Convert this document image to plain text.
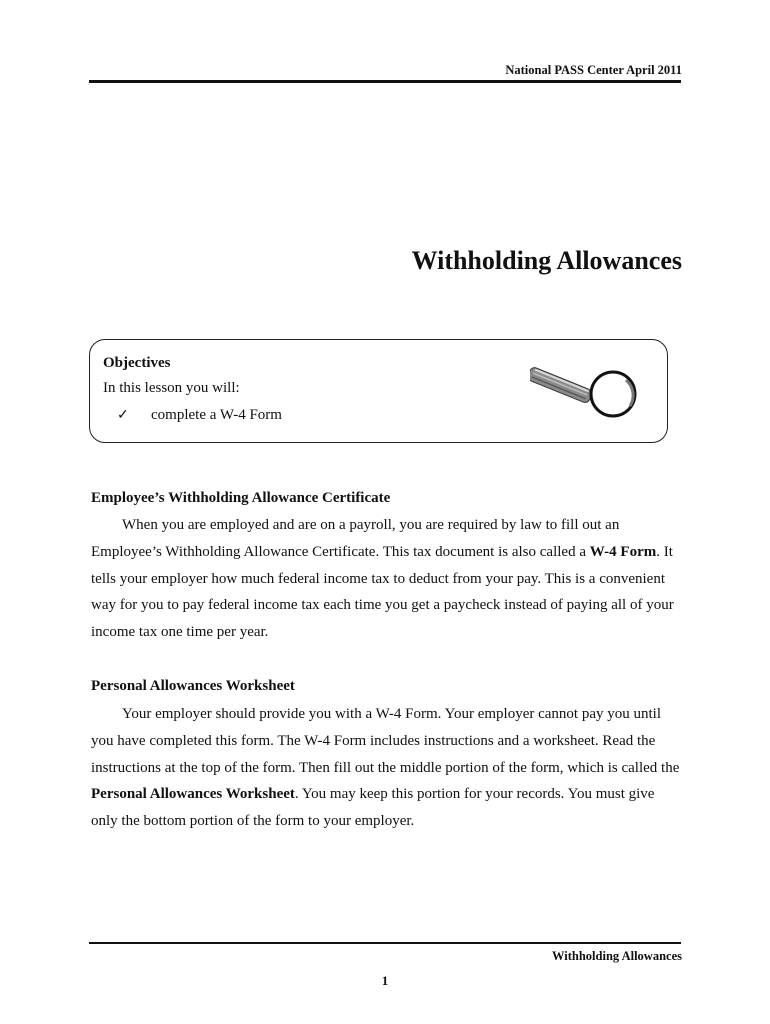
National PASS Center April 2011
Withholding Allowances
Objectives
In this lesson you will:
✓	complete a W-4 Form
Employee’s Withholding Allowance Certificate

When you are employed and are on a payroll, you are required by law to fill out an Employee’s Withholding Allowance Certificate. This tax document is also called a W-4 Form. It tells your employer how much federal income tax to deduct from your pay. This is a convenient way for you to pay federal income tax each time you get a paycheck instead of paying all of your income tax one time per year.

Personal Allowances Worksheet

Your employer should provide you with a W-4 Form. Your employer cannot pay you until you have completed this form. The W-4 Form includes instructions and a worksheet. Read the instructions at the top of the form. Then fill out the middle portion of the form, which is called the Personal Allowances Worksheet. You may keep this portion for your records. You must give only the bottom portion of the form to your employer.

Withholding Allowances
1
